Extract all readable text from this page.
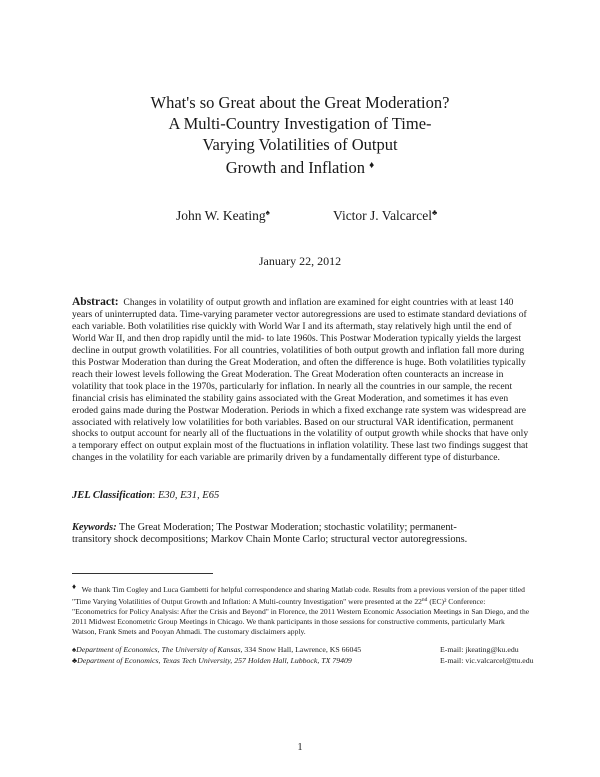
What's so Great about the Great Moderation?
A Multi-Country Investigation of Time-
Varying Volatilities of Output
Growth and Inflation ♦
John W. Keating♠	Victor J. Valcarcel♣
January 22, 2012

Abstract: Changes in volatility of output growth and inflation are examined for eight countries with at least 140 years of uninterrupted data. Time-varying parameter vector autoregressions are used to estimate standard deviations of each variable. Both volatilities rise quickly with World War I and its aftermath, stay relatively high until the end of World War II, and then drop rapidly until the mid- to late 1960s. This Postwar Moderation typically yields the largest decline in output growth volatilities. For all countries, volatilities of both output growth and inflation fall more during this Postwar Moderation than during the Great Moderation, and often the difference is huge. Both volatilities typically reach their lowest levels following the Great Moderation. The Great Moderation often counteracts an increase in volatility that took place in the 1970s, particularly for inflation. In nearly all the countries in our sample, the recent financial crisis has eliminated the stability gains associated with the Great Moderation, and sometimes it has even eroded gains made during the Postwar Moderation. Periods in which a fixed exchange rate system was widespread are associated with relatively low volatilities for both variables. Based on our structural VAR identification, permanent shocks to output account for nearly all of the fluctuations in the volatility of output growth while shocks that have only a temporary effect on output explain most of the fluctuations in inflation volatility. These last two findings suggest that changes in the volatility for each variable are primarily driven by a fundamentally different type of disturbance.

JEL Classification: E30, E31, E65

Keywords: The Great Moderation; The Postwar Moderation; stochastic volatility; permanent-transitory shock decompositions; Markov Chain Monte Carlo; structural vector autoregressions.

♦ We thank Tim Cogley and Luca Gambetti for helpful correspondence and sharing Matlab code. Results from a previous version of the paper titled "Time Varying Volatilities of Output Growth and Inflation: A Multi-country Investigation" were presented at the 22nd (EC)² Conference: "Econometrics for Policy Analysis: After the Crisis and Beyond" in Florence, the 2011 Western Economic Association Meetings in San Diego, and the 2011 Midwest Econometric Group Meetings in Chicago. We thank participants in those sessions for constructive comments, particularly Mark Watson, Frank Smets and Pooyan Ahmadi. The customary disclaimers apply.

♠Department of Economics, The University of Kansas, 334 Snow Hall, Lawrence, KS 66045	E-mail: jkeating@ku.edu
♣Department of Economics, Texas Tech University, 257 Holden Hall, Lubbock, TX 79409	E-mail: vic.valcarcel@ttu.edu
1
